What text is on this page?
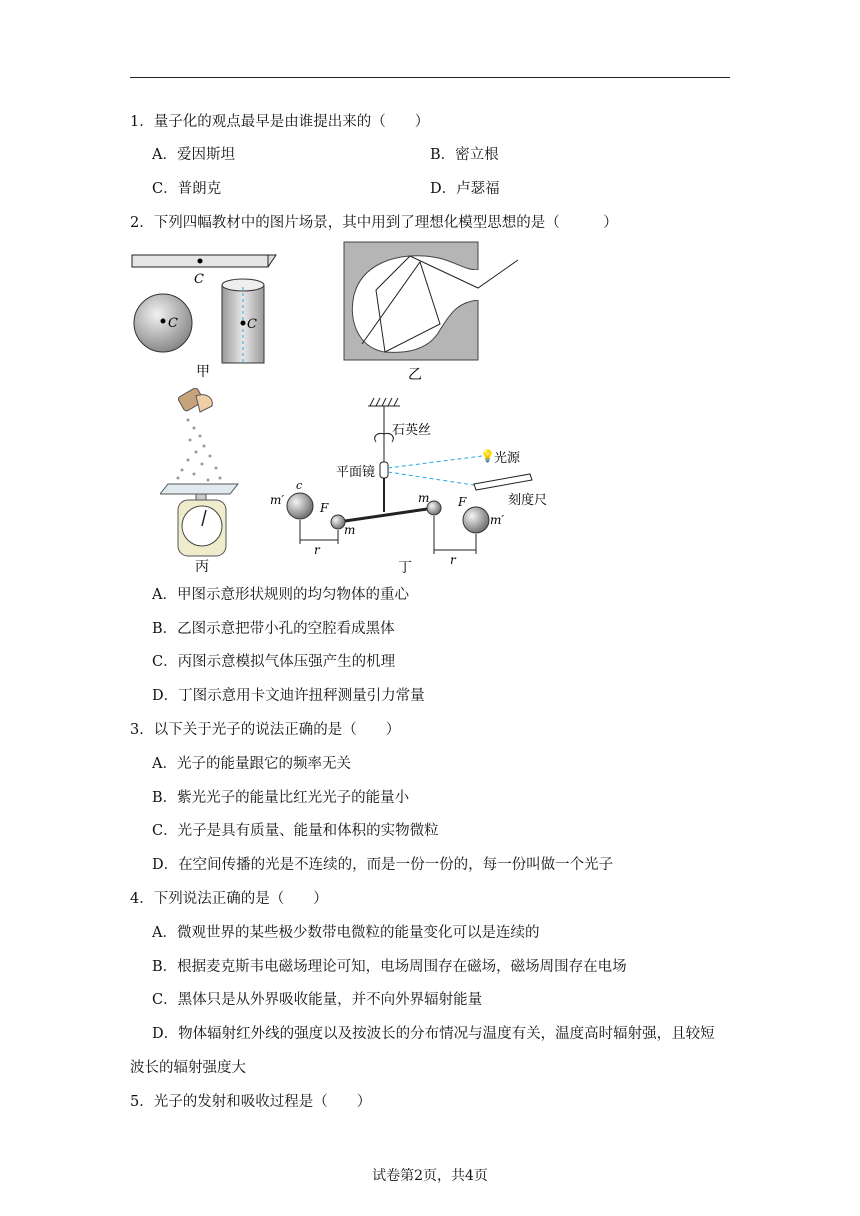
1．量子化的观点最早是由谁提出来的（　　）
A．爱因斯坦	B．密立根
C．普朗克	D．卢瑟福
2．下列四幅教材中的图片场景，其中用到了理想化模型思想的是（　　　）
C
C	C
甲	乙
丙
石英丝
平面镜
💡 光源
刻度尺
c
m′
F
m
m F
m′
r
r
丁
A．甲图示意形状规则的均匀物体的重心
B．乙图示意把带小孔的空腔看成黑体
C．丙图示意模拟气体压强产生的机理
D．丁图示意用卡文迪许扭秤测量引力常量
3．以下关于光子的说法正确的是（　　）
A．光子的能量跟它的频率无关
B．紫光光子的能量比红光光子的能量小
C．光子是具有质量、能量和体积的实物微粒
D．在空间传播的光是不连续的，而是一份一份的，每一份叫做一个光子
4．下列说法正确的是（　　）
A．微观世界的某些极少数带电微粒的能量变化可以是连续的
B．根据麦克斯韦电磁场理论可知，电场周围存在磁场，磁场周围存在电场
C．黑体只是从外界吸收能量，并不向外界辐射能量
D．物体辐射红外线的强度以及按波长的分布情况与温度有关，温度高时辐射强，且较短
波长的辐射强度大
5．光子的发射和吸收过程是（　　）
试卷第2页，共4页
